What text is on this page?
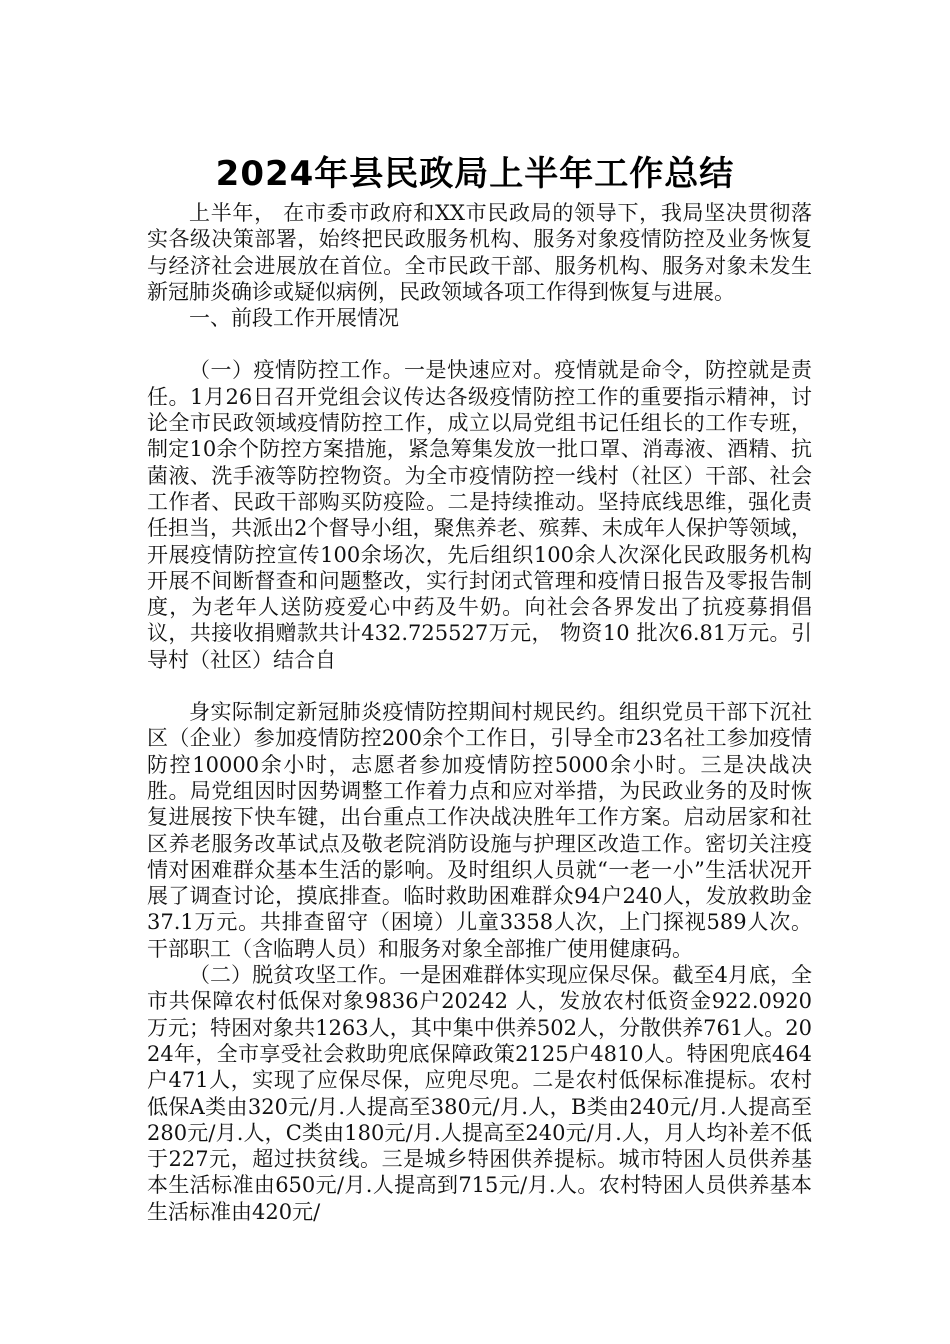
2024年县民政局上半年工作总结

上半年， 在市委市政府和XX市民政局的领导下，我局坚决贯彻落实各级决策部署，始终把民政服务机构、服务对象疫情防控及业务恢复与经济社会进展放在首位。全市民政干部、服务机构、服务对象未发生新冠肺炎确诊或疑似病例，民政领域各项工作得到恢复与进展。

一、前段工作开展情况

（一）疫情防控工作。一是快速应对。疫情就是命令，防控就是责任。1月26日召开党组会议传达各级疫情防控工作的重要指示精神，讨论全市民政领域疫情防控工作，成立以局党组书记任组长的工作专班，制定10余个防控方案措施，紧急筹集发放一批口罩、消毒液、酒精、抗菌液、洗手液等防控物资。为全市疫情防控一线村（社区）干部、社会工作者、民政干部购买防疫险。二是持续推动。坚持底线思维，强化责任担当，共派出2个督导小组，聚焦养老、殡葬、未成年人保护等领域，开展疫情防控宣传100余场次，先后组织100余人次深化民政服务机构开展不间断督查和问题整改，实行封闭式管理和疫情日报告及零报告制度，为老年人送防疫爱心中药及牛奶。向社会各界发出了抗疫募捐倡议，共接收捐赠款共计432.725527万元， 物资10 批次6.81万元。引导村（社区）结合自

身实际制定新冠肺炎疫情防控期间村规民约。组织党员干部下沉社区（企业）参加疫情防控200余个工作日，引导全市23名社工参加疫情防控10000余小时，志愿者参加疫情防控5000余小时。三是决战决胜。局党组因时因势调整工作着力点和应对举措，为民政业务的及时恢复进展按下快车键，出台重点工作决战决胜年工作方案。启动居家和社区养老服务改革试点及敬老院消防设施与护理区改造工作。密切关注疫情对困难群众基本生活的影响。及时组织人员就“一老一小”生活状况开展了调查讨论，摸底排查。临时救助困难群众94户240人，发放救助金37.1万元。共排查留守（困境）儿童3358人次，上门探视589人次。干部职工（含临聘人员）和服务对象全部推广使用健康码。

（二）脱贫攻坚工作。一是困难群体实现应保尽保。截至4月底，全市共保障农村低保对象9836户20242 人，发放农村低资金922.0920万元；特困对象共1263人，其中集中供养502人，分散供养761人。2024年，全市享受社会救助兜底保障政策2125户4810人。特困兜底464户471人，实现了应保尽保，应兜尽兜。二是农村低保标准提标。农村低保A类由320元/月.人提高至380元/月.人，B类由240元/月.人提高至280元/月.人，C类由180元/月.人提高至240元/月.人，月人均补差不低于227元，超过扶贫线。三是城乡特困供养提标。城市特困人员供养基本生活标准由650元/月.人提高到715元/月.人。农村特困人员供养基本生活标准由420元/
